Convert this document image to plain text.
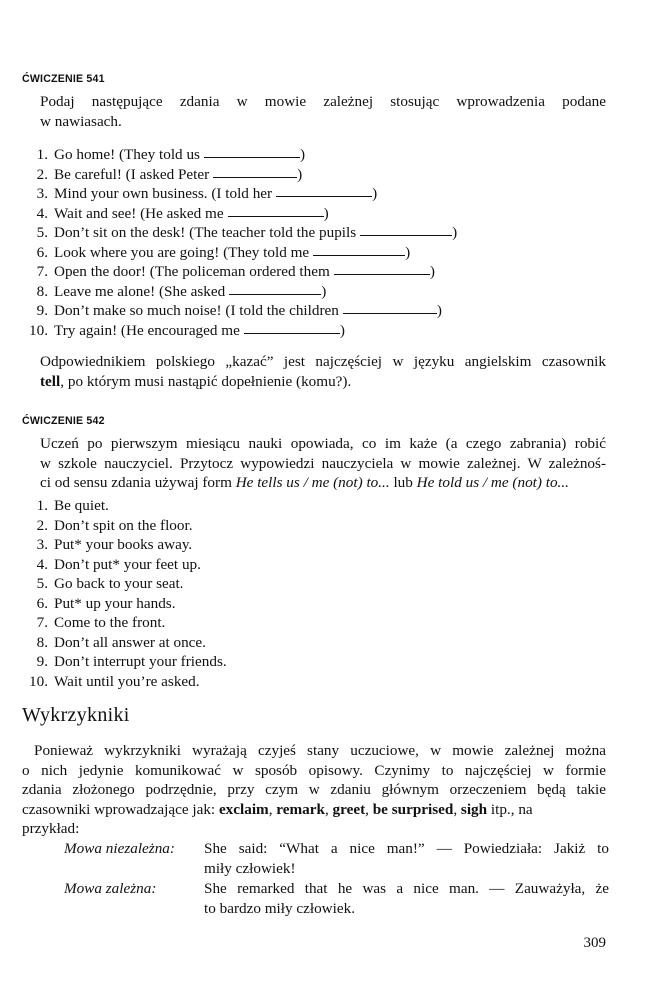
ĆWICZENIE 541
Podaj następujące zdania w mowie zależnej stosując wprowadzenia podane
w nawiasach.
1. Go home! (They told us	)
2. Be careful! (I asked Peter	)
3. Mind your own business. (I told her	)
4. Wait and see! (He asked me	)
5. Don’t sit on the desk! (The teacher told the pupils	)
6. Look where you are going! (They told me	)
7. Open the door! (The policeman ordered them	)
8. Leave me alone! (She asked	)
9. Don’t make so much noise! (I told the children	)
10. Try again! (He encouraged me	)
Odpowiednikiem polskiego „kazać” jest najczęściej w języku angielskim czasownik
tell, po którym musi nastąpić dopełnienie (komu?).
ĆWICZENIE 542
Uczeń po pierwszym miesiącu nauki opowiada, co im każe (a czego zabrania) robić
w szkole nauczyciel. Przytocz wypowiedzi nauczyciela w mowie zależnej. W zależnoś-
ci od sensu zdania używaj form He tells us / me (not) to... lub He told us / me (not) to...
1. Be quiet.
2. Don’t spit on the floor.
3. Put* your books away.
4. Don’t put* your feet up.
5. Go back to your seat.
6. Put* up your hands.
7. Come to the front.
8. Don’t all answer at once.
9. Don’t interrupt your friends.
10. Wait until you’re asked.
Wykrzykniki
Ponieważ wykrzykniki wyrażają czyjeś stany uczuciowe, w mowie zależnej można
o nich jedynie komunikować w sposób opisowy. Czynimy to najczęściej w formie
zdania złożonego podrzędnie, przy czym w zdaniu głównym orzeczeniem będą takie
czasowniki wprowadzające jak: exclaim, remark, greet, be surprised, sigh itp., na
przykład:
Mowa niezależna:	She said: “What a nice man!” — Powiedziała: Jakiż to
miły człowiek!
Mowa zależna:	She remarked that he was a nice man. — Zauważyła, że
to bardzo miły człowiek.
309
